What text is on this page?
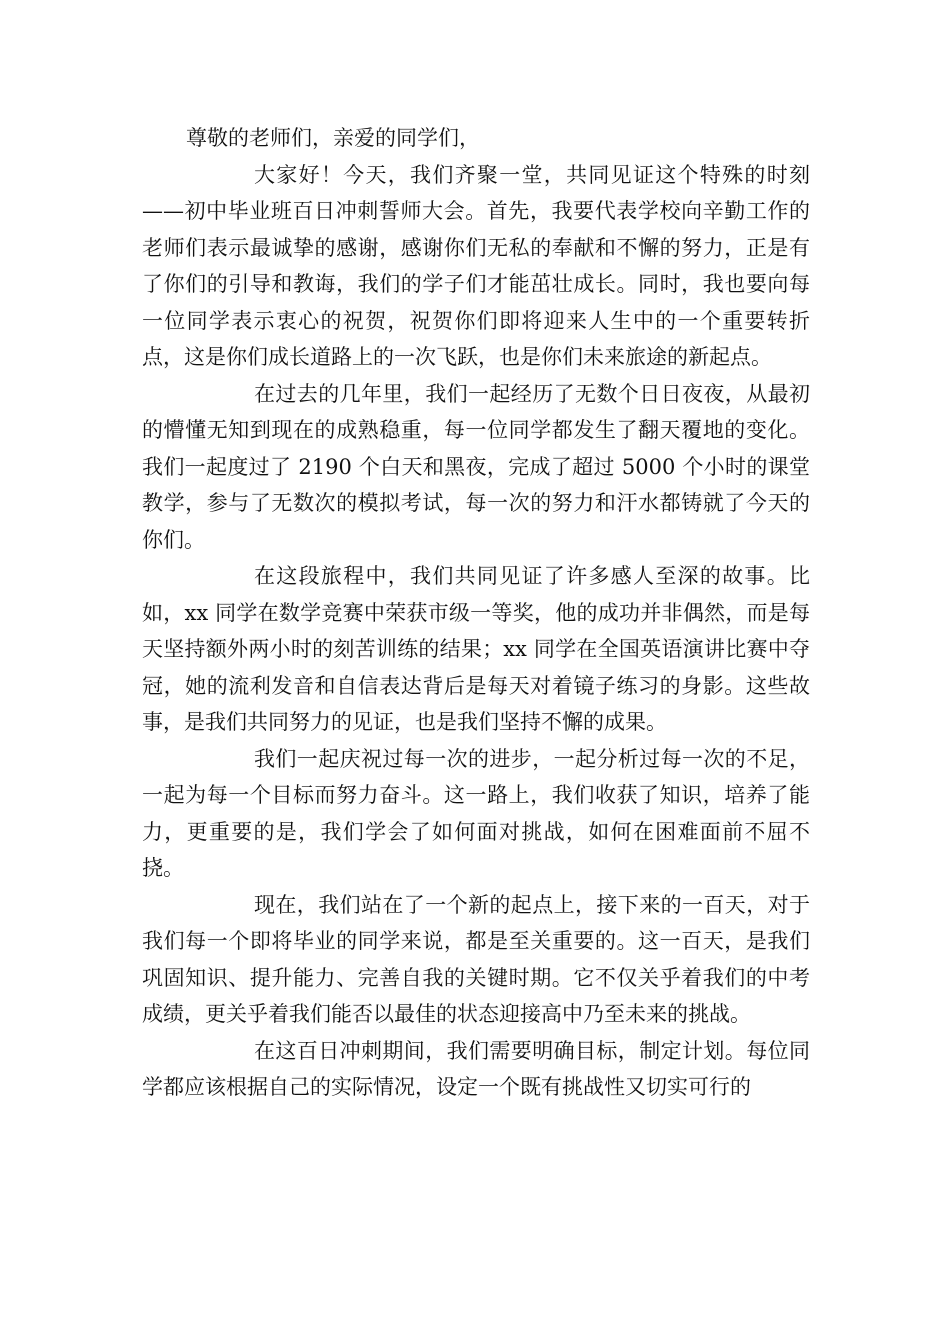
尊敬的老师们，亲爱的同学们，

大家好！今天，我们齐聚一堂，共同见证这个特殊的时刻——初中毕业班百日冲刺誓师大会。首先，我要代表学校向辛勤工作的老师们表示最诚挚的感谢，感谢你们无私的奉献和不懈的努力，正是有了你们的引导和教诲，我们的学子们才能茁壮成长。同时，我也要向每一位同学表示衷心的祝贺，祝贺你们即将迎来人生中的一个重要转折点，这是你们成长道路上的一次飞跃，也是你们未来旅途的新起点。

在过去的几年里，我们一起经历了无数个日日夜夜，从最初的懵懂无知到现在的成熟稳重，每一位同学都发生了翻天覆地的变化。我们一起度过了 2190 个白天和黑夜，完成了超过 5000 个小时的课堂教学，参与了无数次的模拟考试，每一次的努力和汗水都铸就了今天的你们。

在这段旅程中，我们共同见证了许多感人至深的故事。比如，xx 同学在数学竞赛中荣获市级一等奖，他的成功并非偶然，而是每天坚持额外两小时的刻苦训练的结果；xx 同学在全国英语演讲比赛中夺冠，她的流利发音和自信表达背后是每天对着镜子练习的身影。这些故事，是我们共同努力的见证，也是我们坚持不懈的成果。

我们一起庆祝过每一次的进步，一起分析过每一次的不足，一起为每一个目标而努力奋斗。这一路上，我们收获了知识，培养了能力，更重要的是，我们学会了如何面对挑战，如何在困难面前不屈不挠。

现在，我们站在了一个新的起点上，接下来的一百天，对于我们每一个即将毕业的同学来说，都是至关重要的。这一百天，是我们巩固知识、提升能力、完善自我的关键时期。它不仅关乎着我们的中考成绩，更关乎着我们能否以最佳的状态迎接高中乃至未来的挑战。

在这百日冲刺期间，我们需要明确目标，制定计划。每位同学都应该根据自己的实际情况，设定一个既有挑战性又切实可行的
